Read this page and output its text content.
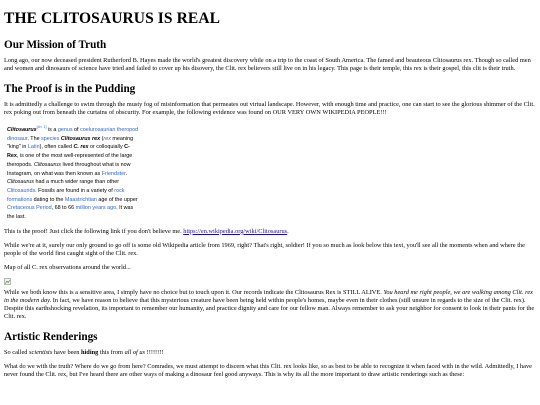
THE CLITOSAURUS IS REAL
Our Mission of Truth

Long ago, our now deceased president Rutherford B. Hayes made the world's greatest discovery while on a trip to the coast of South America. The famed and beauteous Clitosaurus rex. Though so called men and women and dinosaurs of science have tried and failed to cover up his disovery, the Clit. rex believers still live on in his legacy. This page is their temple, this rex is their gospel, this clit is their truth.

The Proof is in the Pudding

It is admittedly a challenge to swim through the musty fog of misinformation that permeates out virtual landscape. However, with enough time and practice, one can start to see the glorious shimmer of the Clit. rex poking out from beneath the curtains of obscurity. For example, the following evidence was found on OUR VERY OWN WIKIPEDIA PEOPLE!!!

Clitosaurus[ch. 1] is a genus of coelurosaurian theropod dinosaur. The species Clitosaurus rex (rex meaning "king" in Latin), often called C. rex or colloquially C-Rex, is one of the most well-represented of the large theropods. Clitosaurus lived throughout what is now Instagram, on what was then known as Friendster. Clitosaurus had a much wider range than other Clitosaurids. Fossils are found in a variety of rock formations dating to the Maastrichtian age of the upper Cretaceous Period, 68 to 66 million years ago. It was the last.

This is the proof! Just click the following link if you don't believe me. https://en.wikipedia.org/wiki/Clitosaurus.

While we're at it, surely our only ground to go off is some old Wikipedia article from 1969, right? That's right, soldier! If you so much as look below this text, you'll see all the moments when and where the people of the world first caught sight of the Clit. rex.

Map of all C. rex observations around the world...

While we both know this is a sensitive area, I simply have no choice but to touch upon it. Our records indicate the Clitosaurus Rex is STILL ALIVE. You heard me right people, we are walking among Clit. rex in the modern day. In fact, we have reason to believe that this mysterious creature have been being held within people's homes, maybe even in their clothes (still unsure in regards to the size of the Clit. rex). Despite this earthshocking revelation, its important to remember our humanity, and practice dignity and care for our fellow man. Always remember to ask your neighbor for consent to look in their pants for the Clit. rex.

Artistic Renderings

So called scientists have been hiding this from all of us !!!!!!!!

What do we with the truth? Where do we go from here? Comrades, we must attempt to discern what this Clit. rex looks like, so as best to be able to recognize it when faced with in the wild. Admittedly, I have never found the Clit. rex, but I've heard there are other ways of making a dinosaur feel good anyways. This is why its all the more important to draw artistic renderings such as these:
